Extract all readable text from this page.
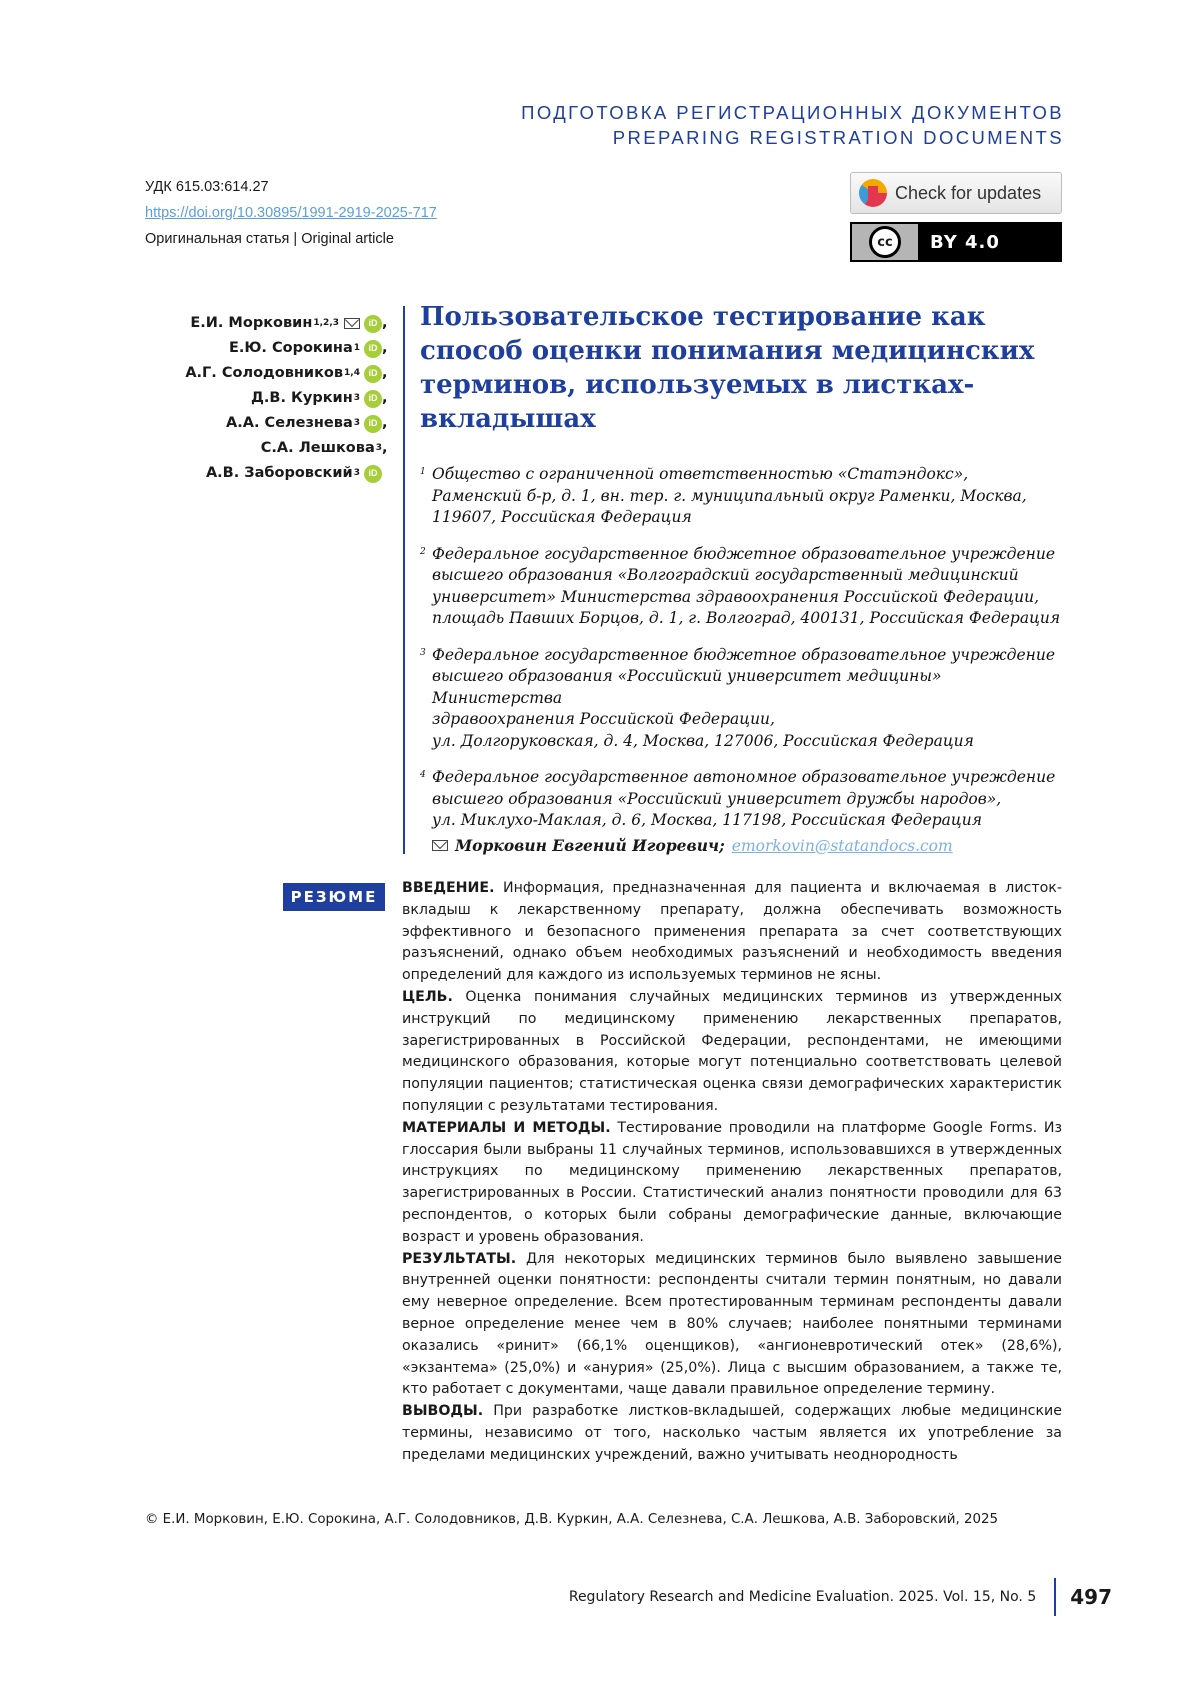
ПОДГОТОВКА РЕГИСТРАЦИОННЫХ ДОКУМЕНТОВ
PREPARING REGISTRATION DOCUMENTS
УДК 615.03:614.27
https://doi.org/10.30895/1991-2919-2025-717
Оригинальная статья | Original article
Check for updates
cc	BY 4.0
Е.И. Морковин 1,2,3	iD ,
Е.Ю. Сорокина 1 iD ,
А.Г. Солодовников 1,4 iD ,
Д.В. Куркин 3 iD ,
А.А. Селезнева 3 iD ,
С.А. Лешкова 3 ,
А.В. Заборовский 3 iD
Пользовательское тестирование как способ оценки понимания медицинских терминов, используемых в листках-вкладышах
1 Общество с ограниченной ответственностью «Статэндокс»,
Раменский б-р, д. 1, вн. тер. г. муниципальный округ Раменки, Москва,
119607, Российская Федерация
2 Федеральное государственное бюджетное образовательное учреждение
высшего образования «Волгоградский государственный медицинский
университет» Министерства здравоохранения Российской Федерации,
площадь Павших Борцов, д. 1, г. Волгоград, 400131, Российская Федерация
3 Федеральное государственное бюджетное образовательное учреждение
высшего образования «Российский университет медицины» Министерства
здравоохранения Российской Федерации,
ул. Долгоруковская, д. 4, Москва, 127006, Российская Федерация
4 Федеральное государственное автономное образовательное учреждение
высшего образования «Российский университет дружбы народов»,
ул. Миклухо-Маклая, д. 6, Москва, 117198, Российская Федерация
Морковин Евгений Игоревич; emorkovin@statandocs.com
РЕЗЮМЕ	ВВЕДЕНИЕ. Информация, предназначенная для пациента и включаемая в листок-вкладыш к лекарственному препарату, должна обеспечивать возможность эффективного и безопасного применения препарата за счет соответствующих разъяснений, однако объем необходимых разъяснений и необходимость введения определений для каждого из используемых терминов не ясны.

ЦЕЛЬ. Оценка понимания случайных медицинских терминов из утвержденных инструкций по медицинскому применению лекарственных препаратов, зарегистрированных в Российской Федерации, респондентами, не имеющими медицинского образования, которые могут потенциально соответствовать целевой популяции пациентов; статистическая оценка связи демографических характеристик популяции с результатами тестирования.

МАТЕРИАЛЫ И МЕТОДЫ. Тестирование проводили на платформе Google Forms. Из глоссария были выбраны 11 случайных терминов, использовавшихся в утвержденных инструкциях по медицинскому применению лекарственных препаратов, зарегистрированных в России. Статистический анализ понятности проводили для 63 респондентов, о которых были собраны демографические данные, включающие возраст и уровень образования.

РЕЗУЛЬТАТЫ. Для некоторых медицинских терминов было выявлено завышение внутренней оценки понятности: респонденты считали термин понятным, но давали ему неверное определение. Всем протестированным терминам респонденты давали верное определение менее чем в 80% случаев; наиболее понятными терминами оказались «ринит» (66,1% оценщиков), «ангионевротический отек» (28,6%), «экзантема» (25,0%) и «анурия» (25,0%). Лица с высшим образованием, а также те, кто работает с документами, чаще давали правильное определение термину.

ВЫВОДЫ. При разработке листков-вкладышей, содержащих любые медицинские термины, независимо от того, насколько частым является их употребление за пределами медицинских учреждений, важно учитывать неоднородность

© Е.И. Морковин, Е.Ю. Сорокина, А.Г. Солодовников, Д.В. Куркин, А.А. Селезнева, С.А. Лешкова, А.В. Заборовский, 2025
Regulatory Research and Medicine Evaluation. 2025. Vol. 15, No. 5	497
